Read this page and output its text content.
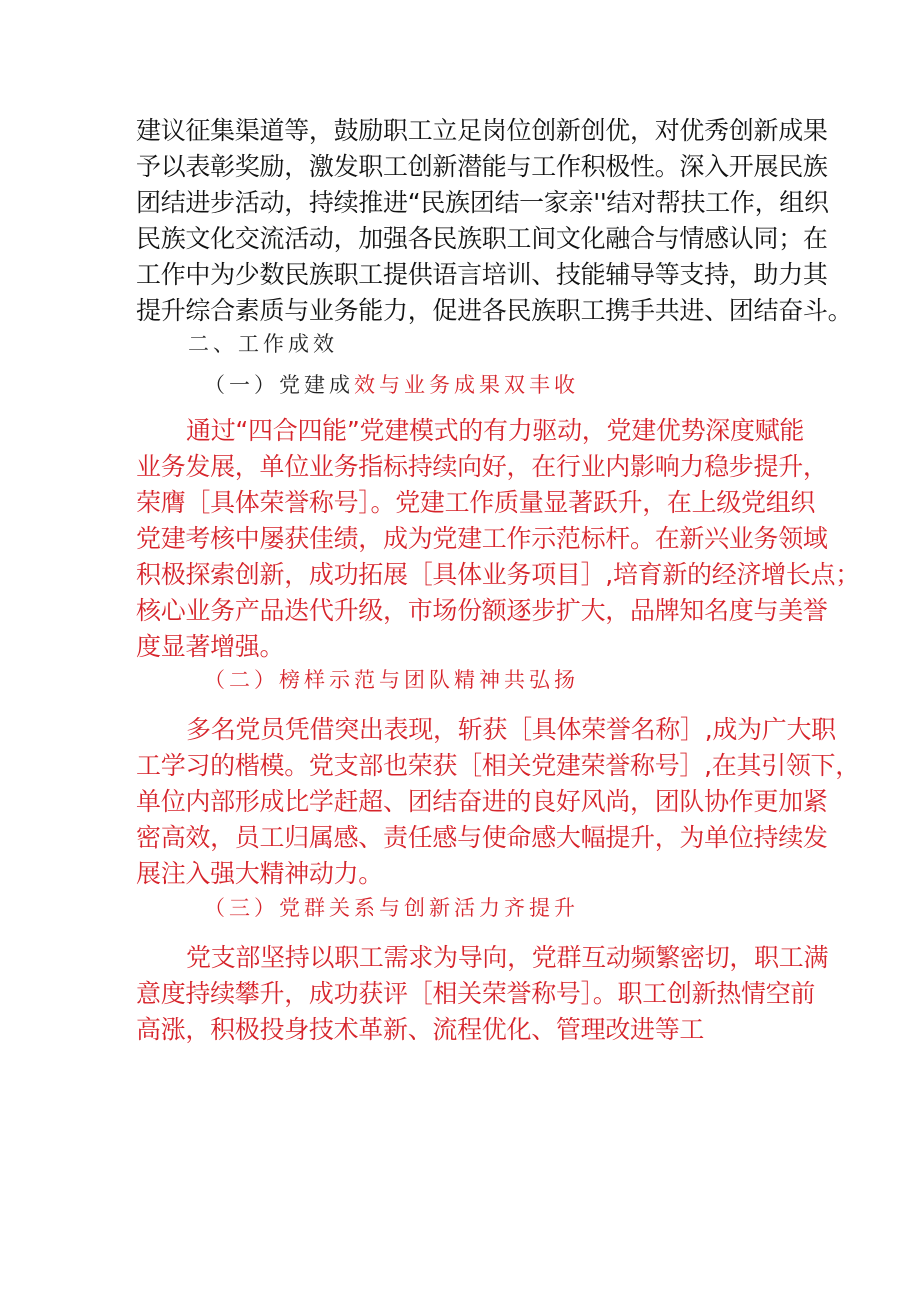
建议征集渠道等，鼓励职工立足岗位创新创优，对优秀创新成果
予以表彰奖励，激发职工创新潜能与工作积极性。深入开展民族
团结进步活动，持续推进“民族团结一家亲''结对帮扶工作，组织
民族文化交流活动，加强各民族职工间文化融合与情感认同；在
工作中为少数民族职工提供语言培训、技能辅导等支持，助力其
提升综合素质与业务能力，促进各民族职工携手共进、团结奋斗。
二、工作成效
（一）党建成效与业务成果双丰收
通过“四合四能”党建模式的有力驱动，党建优势深度赋能
业务发展，单位业务指标持续向好，在行业内影响力稳步提升，
荣膺［具体荣誉称号］。党建工作质量显著跃升，在上级党组织
党建考核中屡获佳绩，成为党建工作示范标杆。在新兴业务领域
积极探索创新，成功拓展［具体业务项目］,培育新的经济增长点；
核心业务产品迭代升级，市场份额逐步扩大，品牌知名度与美誉
度显著增强。
（二）榜样示范与团队精神共弘扬
多名党员凭借突出表现，斩获［具体荣誉名称］,成为广大职
工学习的楷模。党支部也荣获［相关党建荣誉称号］,在其引领下，
单位内部形成比学赶超、团结奋进的良好风尚，团队协作更加紧
密高效，员工归属感、责任感与使命感大幅提升，为单位持续发
展注入强大精神动力。
（三）党群关系与创新活力齐提升
党支部坚持以职工需求为导向，党群互动频繁密切，职工满
意度持续攀升，成功获评［相关荣誉称号］。职工创新热情空前
高涨，积极投身技术革新、流程优化、管理改进等工
